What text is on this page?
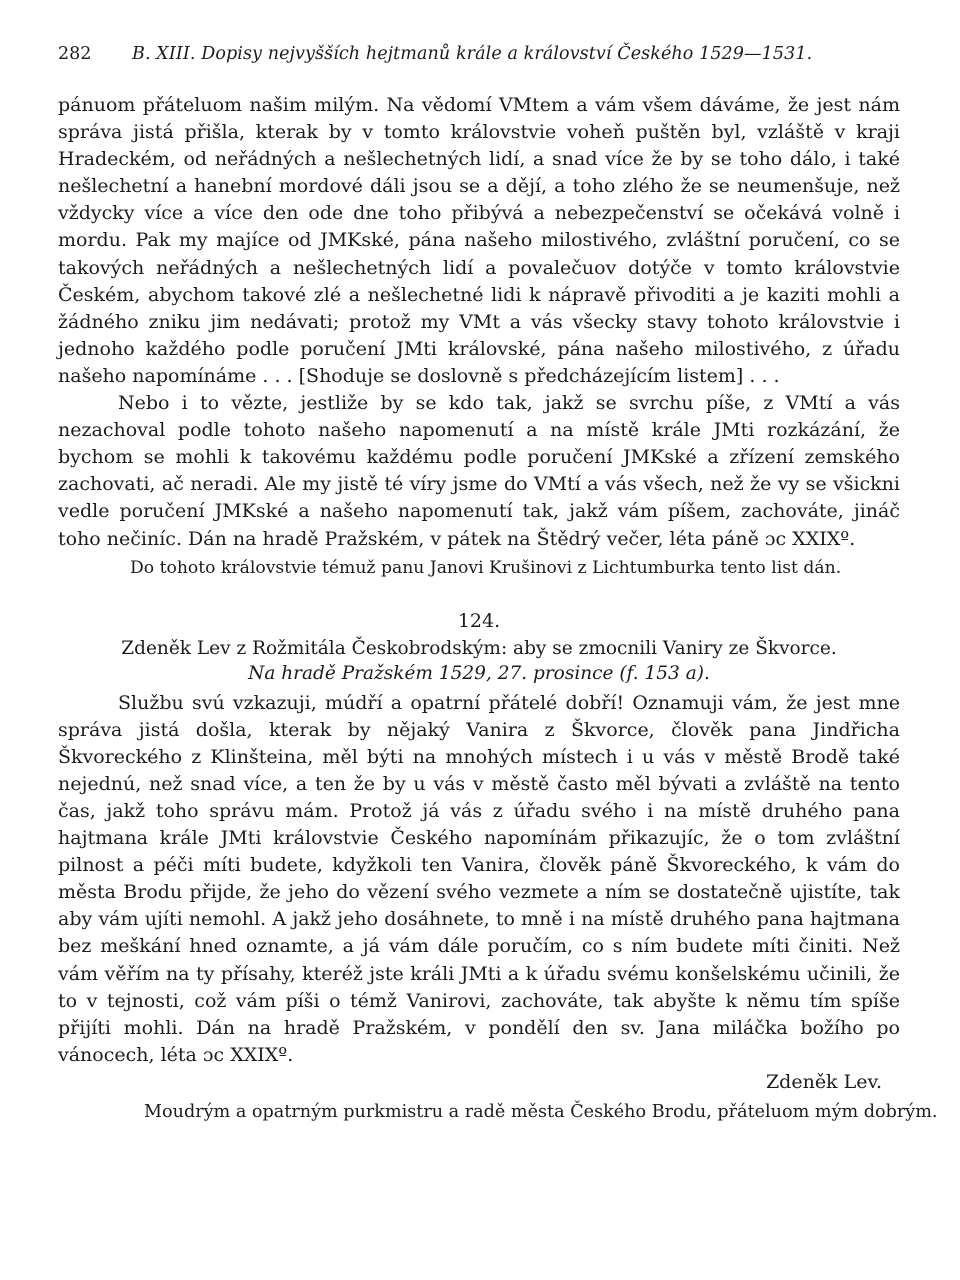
282	B. XIII. Dopisy nejvyšších hejtmanů krále a království Českého 1529—1531.

pánuom přáteluom našim milým. Na vědomí VMtem a vám všem dáváme, že jest nám správa jistá přišla, kterak by v tomto královstvie voheň puštěn byl, vzláště v kraji Hradeckém, od neřádných a nešlechetných lidí, a snad více že by se toho dálo, i také nešlechetní a hanební mordové dáli jsou se a dějí, a toho zlého že se neumenšuje, než vždycky více a více den ode dne toho přibývá a nebezpečenství se očekává volně i mordu. Pak my majíce od JMKské, pána našeho milostivého, zvláštní poručení, co se takových neřádných a nešlechetných lidí a povalečuov dotýče v tomto královstvie Českém, abychom takové zlé a nešlechetné lidi k nápravě přivoditi a je kaziti mohli a žádného zniku jim nedávati; protož my VMt a vás všecky stavy tohoto královstvie i jednoho každého podle poručení JMti královské, pána našeho milostivého, z úřadu našeho napomínáme . . . [Shoduje se doslovně s předcházejícím listem] . . .

Nebo i to vězte, jestliže by se kdo tak, jakž se svrchu píše, z VMtí a vás nezachoval podle tohoto našeho napomenutí a na místě krále JMti rozkázání, že bychom se mohli k takovému každému podle poručení JMKské a zřízení zemského zachovati, ač neradi. Ale my jistě té víry jsme do VMtí a vás všech, než že vy se všickni vedle poručení JMKské a našeho napomenutí tak, jakž vám píšem, zachováte, jináč toho nečiníc. Dán na hradě Pražském, v pátek na Štědrý večer, léta páně ɔc XXIXº.

Do tohoto královstvie témuž panu Janovi Krušinovi z Lichtumburka tento list dán.

124.
Zdeněk Lev z Rožmitála Českobrodským: aby se zmocnili Vaniry ze Škvorce.
Na hradě Pražském 1529, 27. prosince (f. 153 a).

Službu svú vzkazuji, múdří a opatrní přátelé dobří! Oznamuji vám, že jest mne správa jistá došla, kterak by nějaký Vanira z Škvorce, člověk pana Jindřicha Škvoreckého z Klinšteina, měl býti na mnohých místech i u vás v městě Brodě také nejednú, než snad více, a ten že by u vás v městě často měl bývati a zvláště na tento čas, jakž toho správu mám. Protož já vás z úřadu svého i na místě druhého pana hajtmana krále JMti královstvie Českého napomínám přikazujíc, že o tom zvláštní pilnost a péči míti budete, kdyžkoli ten Vanira, člověk páně Škvoreckého, k vám do města Brodu přijde, že jeho do vězení svého vezmete a ním se dostatečně ujistíte, tak aby vám ujíti nemohl. A jakž jeho dosáhnete, to mně i na místě druhého pana hajtmana bez meškání hned oznamte, a já vám dále poručím, co s ním budete míti činiti. Než vám věřím na ty přísahy, kteréž jste králi JMti a k úřadu svému konšelskému učinili, že to v tejnosti, což vám píši o témž Vanirovi, zachováte, tak abyšte k němu tím spíše přijíti mohli. Dán na hradě Pražském, v pondělí den sv. Jana miláčka božího po vánocech, léta ɔc XXIXº.

Zdeněk Lev.

Moudrým a opatrným purkmistru a radě města Českého Brodu, přáteluom mým dobrým.
